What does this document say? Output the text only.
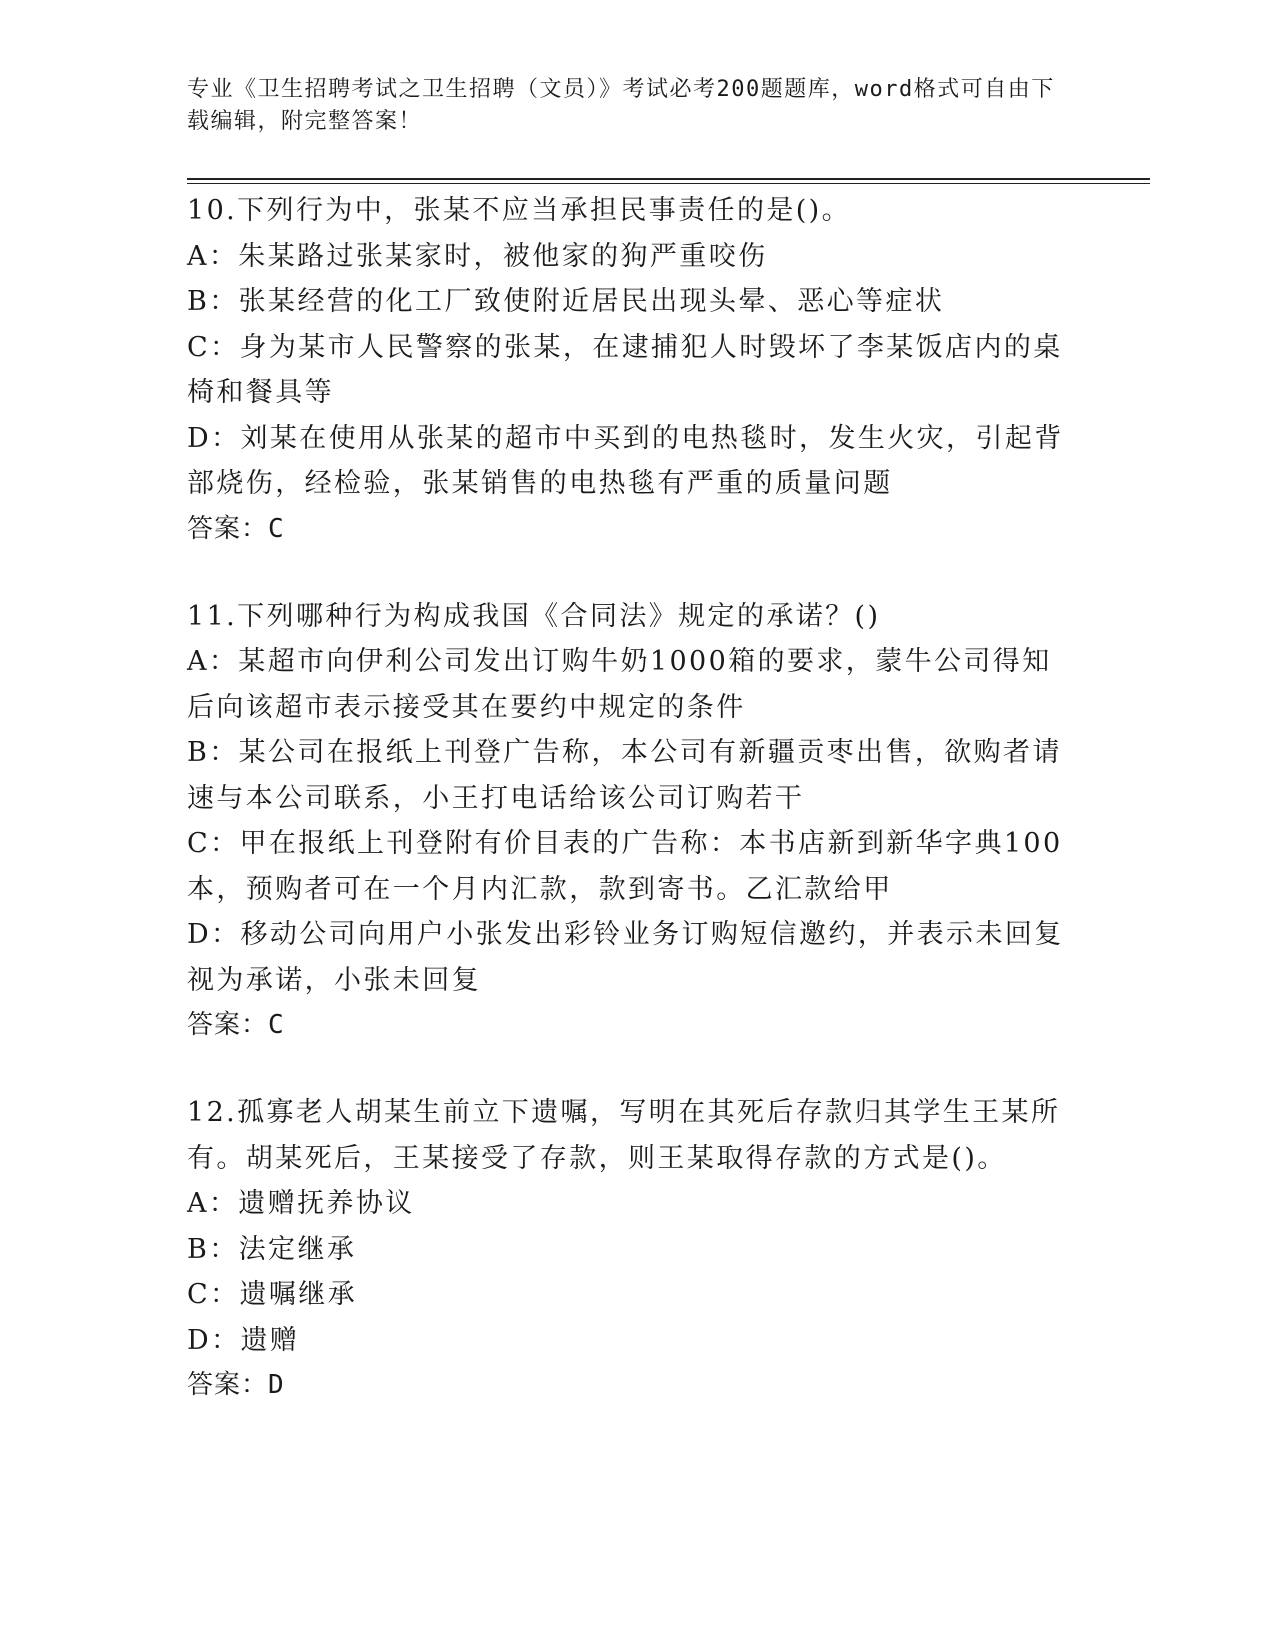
专业《卫生招聘考试之卫生招聘（文员）》考试必考200题题库，word格式可自由下载编辑，附完整答案！
10.下列行为中，张某不应当承担民事责任的是()。
A：朱某路过张某家时，被他家的狗严重咬伤
B：张某经营的化工厂致使附近居民出现头晕、恶心等症状
C：身为某市人民警察的张某，在逮捕犯人时毁坏了李某饭店内的桌椅和餐具等
D：刘某在使用从张某的超市中买到的电热毯时，发生火灾，引起背部烧伤，经检验，张某销售的电热毯有严重的质量问题
答案：C
11.下列哪种行为构成我国《合同法》规定的承诺？()
A：某超市向伊利公司发出订购牛奶1000箱的要求，蒙牛公司得知后向该超市表示接受其在要约中规定的条件
B：某公司在报纸上刊登广告称，本公司有新疆贡枣出售，欲购者请速与本公司联系，小王打电话给该公司订购若干
C：甲在报纸上刊登附有价目表的广告称：本书店新到新华字典100本，预购者可在一个月内汇款，款到寄书。乙汇款给甲
D：移动公司向用户小张发出彩铃业务订购短信邀约，并表示未回复视为承诺，小张未回复
答案：C
12.孤寡老人胡某生前立下遗嘱，写明在其死后存款归其学生王某所有。胡某死后，王某接受了存款，则王某取得存款的方式是()。
A：遗赠抚养协议
B：法定继承
C：遗嘱继承
D：遗赠
答案：D
